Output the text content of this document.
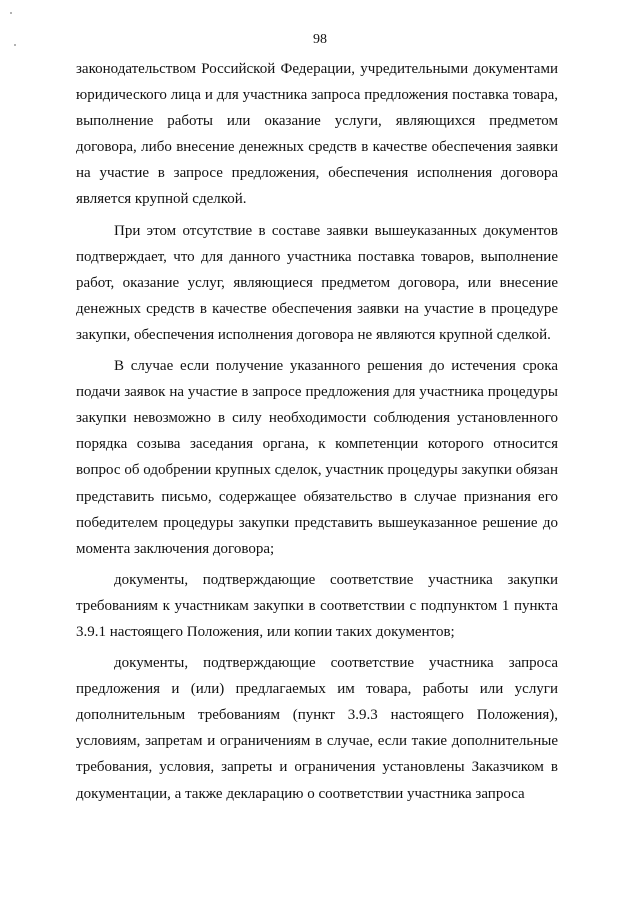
98

законодательством Российской Федерации, учредительными документами юридического лица и для участника запроса предложения поставка товара, выполнение работы или оказание услуги, являющихся предметом договора, либо внесение денежных средств в качестве обеспечения заявки на участие в запросе предложения, обеспечения исполнения договора является крупной сделкой.

При этом отсутствие в составе заявки вышеуказанных документов подтверждает, что для данного участника поставка товаров, выполнение работ, оказание услуг, являющиеся предметом договора, или внесение денежных средств в качестве обеспечения заявки на участие в процедуре закупки, обеспечения исполнения договора не являются крупной сделкой.

В случае если получение указанного решения до истечения срока подачи заявок на участие в запросе предложения для участника процедуры закупки невозможно в силу необходимости соблюдения установленного порядка созыва заседания органа, к компетенции которого относится вопрос об одобрении крупных сделок, участник процедуры закупки обязан представить письмо, содержащее обязательство в случае признания его победителем процедуры закупки представить вышеуказанное решение до момента заключения договора;

документы, подтверждающие соответствие участника закупки требованиям к участникам закупки в соответствии с подпунктом 1 пункта 3.9.1 настоящего Положения, или копии таких документов;

документы, подтверждающие соответствие участника запроса предложения и (или) предлагаемых им товара, работы или услуги дополнительным требованиям (пункт 3.9.3 настоящего Положения), условиям, запретам и ограничениям в случае, если такие дополнительные требования, условия, запреты и ограничения установлены Заказчиком в документации, а также декларацию о соответствии участника запроса
